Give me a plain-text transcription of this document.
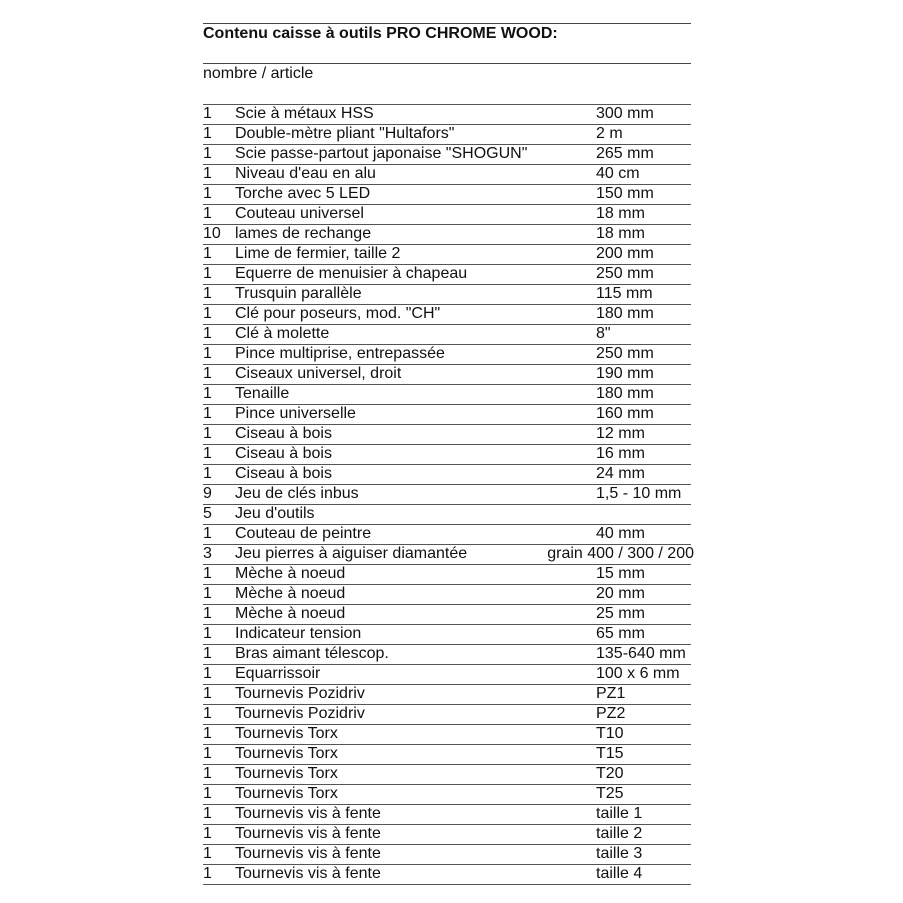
Contenu caisse à outils PRO CHROME WOOD:
nombre / article
1 Scie à métaux HSS	300 mm
1 Double-mètre pliant "Hultafors"	2 m
1 Scie passe-partout japonaise "SHOGUN"	265 mm
1 Niveau d'eau en alu	40 cm
1 Torche avec 5 LED	150 mm
1 Couteau universel	18 mm
10 lames de rechange	18 mm
1 Lime de fermier, taille 2	200 mm
1 Equerre de menuisier à chapeau	250 mm
1 Trusquin parallèle	115 mm
1 Clé pour poseurs, mod. "CH"	180 mm
1 Clé à molette	8"
1 Pince multiprise, entrepassée	250 mm
1 Ciseaux universel, droit	190 mm
1 Tenaille	180 mm
1 Pince universelle	160 mm
1 Ciseau à bois	12 mm
1 Ciseau à bois	16 mm
1 Ciseau à bois	24 mm
9 Jeu de clés inbus	1,5 - 10 mm
5 Jeu d'outils
1 Couteau de peintre	40 mm
3 Jeu pierres à aiguiser diamantée	grain 400 / 300 / 200
1 Mèche à noeud	15 mm
1 Mèche à noeud	20 mm
1 Mèche à noeud	25 mm
1 Indicateur tension	65 mm
1 Bras aimant télescop.	135-640 mm
1 Equarrissoir	100 x 6 mm
1 Tournevis Pozidriv	PZ1
1 Tournevis Pozidriv	PZ2
1 Tournevis Torx	T10
1 Tournevis Torx	T15
1 Tournevis Torx	T20
1 Tournevis Torx	T25
1 Tournevis vis à fente	taille 1
1 Tournevis vis à fente	taille 2
1 Tournevis vis à fente	taille 3
1 Tournevis vis à fente	taille 4
